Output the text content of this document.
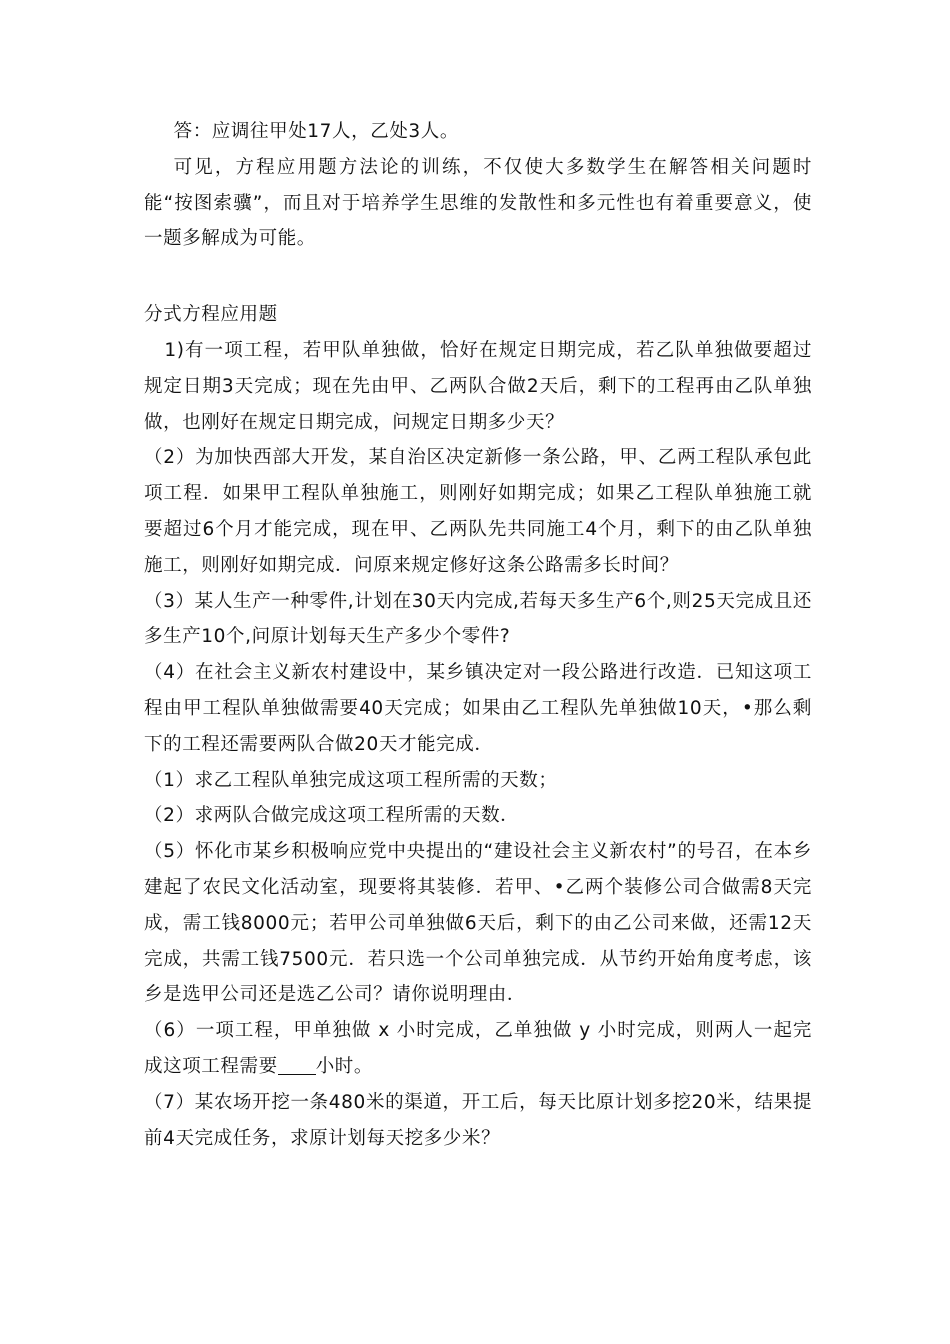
答：应调往甲处17人，乙处3人。

可见，方程应用题方法论的训练，不仅使大多数学生在解答相关问题时能“按图索骥”，而且对于培养学生思维的发散性和多元性也有着重要意义，使一题多解成为可能。

分式方程应用题

1)有一项工程，若甲队单独做，恰好在规定日期完成，若乙队单独做要超过规定日期3天完成；现在先由甲、乙两队合做2天后，剩下的工程再由乙队单独做，也刚好在规定日期完成，问规定日期多少天？

（2）为加快西部大开发，某自治区决定新修一条公路，甲、乙两工程队承包此项工程．如果甲工程队单独施工，则刚好如期完成；如果乙工程队单独施工就要超过6个月才能完成，现在甲、乙两队先共同施工4个月，剩下的由乙队单独施工，则刚好如期完成．问原来规定修好这条公路需多长时间？

（3）某人生产一种零件,计划在30天内完成,若每天多生产6个,则25天完成且还多生产10个,问原计划每天生产多少个零件?

（4）在社会主义新农村建设中，某乡镇决定对一段公路进行改造．已知这项工程由甲工程队单独做需要40天完成；如果由乙工程队先单独做10天，•那么剩下的工程还需要两队合做20天才能完成．

（1）求乙工程队单独完成这项工程所需的天数；

（2）求两队合做完成这项工程所需的天数．

（5）怀化市某乡积极响应党中央提出的“建设社会主义新农村”的号召，在本乡建起了农民文化活动室，现要将其装修．若甲、•乙两个装修公司合做需8天完成，需工钱8000元；若甲公司单独做6天后，剩下的由乙公司来做，还需12天完成，共需工钱7500元．若只选一个公司单独完成．从节约开始角度考虑，该乡是选甲公司还是选乙公司？请你说明理由．

（6）一项工程，甲单独做 x 小时完成，乙单独做 y 小时完成，则两人一起完成这项工程需要 小时。

（7）某农场开挖一条480米的渠道，开工后，每天比原计划多挖20米，结果提前4天完成任务，求原计划每天挖多少米？
